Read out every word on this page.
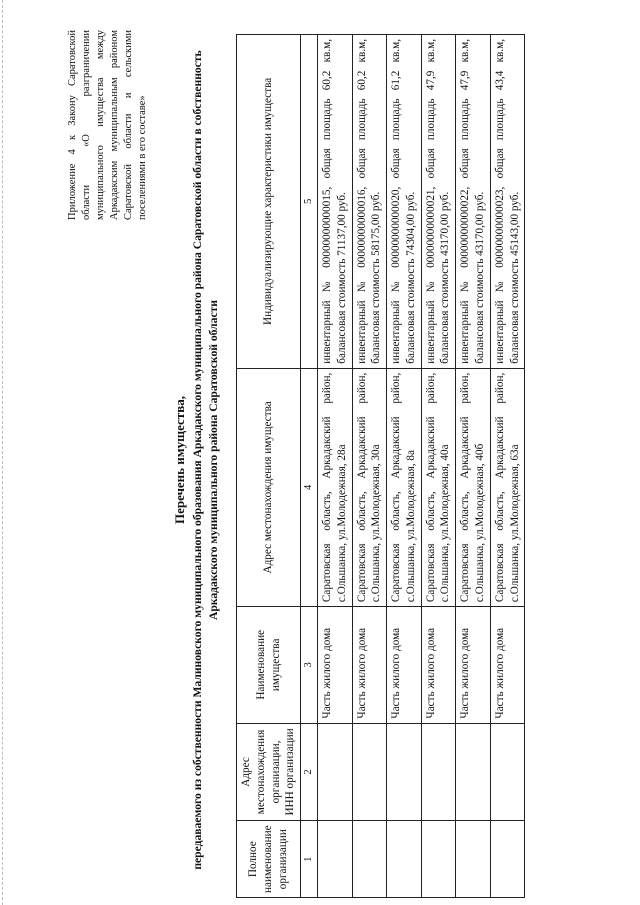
Приложение 4 к Закону Саратовской области «О разграничении муниципального имущества между Аркадакским муниципальным районом Саратовской области и сельскими поселениями в его составе»
Перечень имущества, передаваемого из собственности Малиновского муниципального образования Аркадакского муниципального района Саратовской области в собственность Аркадакского муниципального района Саратовской области
Полное наименование организации	Адрес местонахождения организации, ИНН организации	Наименование имущества	Адрес местонахождения имущества	Индивидуализирующие характеристики имущества
1	2	3	4	5
		Часть жилого дома	Саратовская область, Аркадакский район, с.Ольшанка, ул.Молодежная, 28а	инвентарный № 00000000000015, общая площадь 60,2 кв.м, балансовая стоимость 71137,00 руб.
		Часть жилого дома	Саратовская область, Аркадакский район, с.Ольшанка, ул.Молодежная, 30а	инвентарный № 00000000000016, общая площадь 60,2 кв.м, балансовая стоимость 58175,00 руб.
		Часть жилого дома	Саратовская область, Аркадакский район, с.Ольшанка, ул.Молодежная, 8а	инвентарный № 00000000000020, общая площадь 61,2 кв.м, балансовая стоимость 74304,00 руб.
		Часть жилого дома	Саратовская область, Аркадакский район, с.Ольшанка, ул.Молодежная, 40а	инвентарный № 00000000000021, общая площадь 47,9 кв.м, балансовая стоимость 43170,00 руб.
		Часть жилого дома	Саратовская область, Аркадакский район, с.Ольшанка, ул.Молодежная, 40б	инвентарный № 00000000000022, общая площадь 47,9 кв.м, балансовая стоимость 43170,00 руб.
		Часть жилого дома	Саратовская область, Аркадакский район, с.Ольшанка, ул.Молодежная, 63а	инвентарный № 00000000000023, общая площадь 43,4 кв.м, балансовая стоимость 45143,00 руб.
